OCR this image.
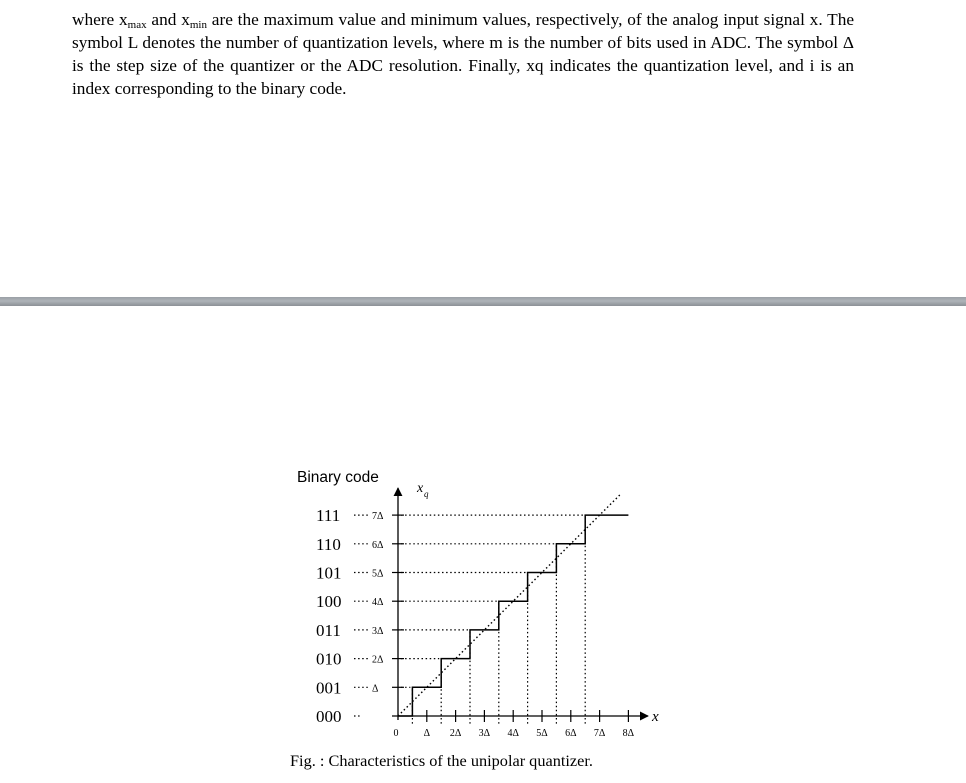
where $x_{max}$ and $x_{min}$ are the maximum value and minimum values, respectively, of the analog input signal x. The symbol L denotes the number of quantization levels, where m is the number of bits used in ADC. The symbol Δ is the step size of the quantizer or the ADC resolution. Finally, xq indicates the quantization level, and i is an index corresponding to the binary code.

Binary code
000
001
010
011
100
101
110
111
Δ
2Δ
3Δ
4Δ
5Δ
6Δ
7Δ
0	Δ 2Δ 3Δ 4Δ 5Δ 6Δ 7Δ 8Δ
x q
x
Fig. : Characteristics of the unipolar quantizer.
